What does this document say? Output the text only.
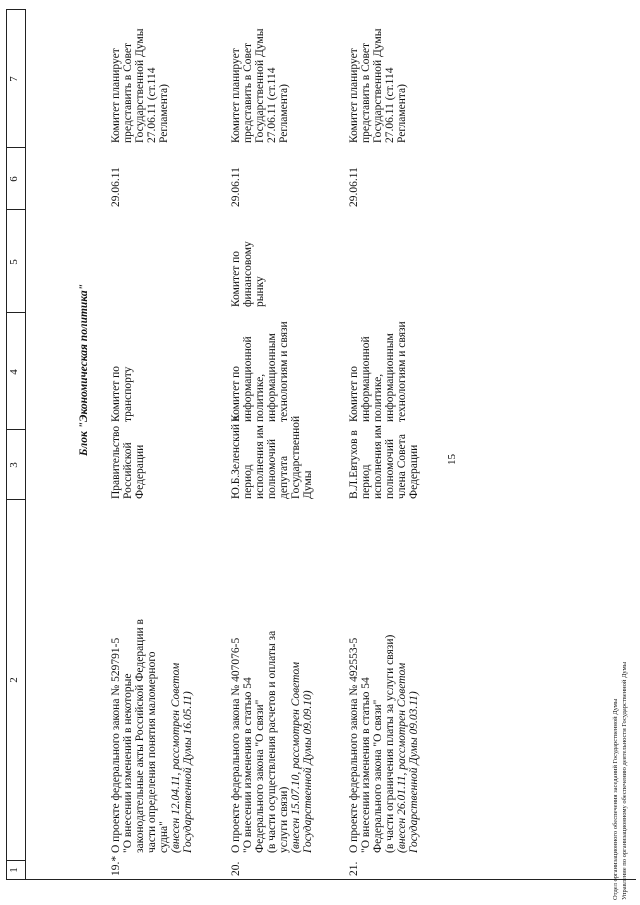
15
1
2
3
4
5
6
7
Блок "Экономическая политика"
19.*
О проекте федерального закона № 529791-5
"О внесении изменений в некоторые
законодательные акты Российской Федерации в
части определения понятия маломерного
судна" (внесен 12.04.11, рассмотрен Советом
Государственной Думы 16.05.11)
Правительство Российской Федерации
Комитет по транспорту
29.06.11
Комитет планирует представить в Совет Государственной Думы 27.06.11 (ст.114 Регламента)
20.
О проекте федерального закона № 407076-5
"О внесении изменения в статью 54
Федерального закона "О связи"
(в части осуществления расчетов и оплаты за
услуги связи)
(внесен 15.07.10, рассмотрен Советом
Государственной Думы 09.09.10)
Ю.Б.Зеленский в период исполнения им полномочий депутата Государственной Думы
Комитет по информационной политике, информационным технологиям и связи
Комитет по финансовому рынку
29.06.11
Комитет планирует представить в Совет Государственной Думы 27.06.11 (ст.114 Регламента)
21.
О проекте федерального закона № 492553-5
"О внесении изменения в статью 54
Федерального закона "О связи"
(в части ограничения платы за услуги связи)
(внесен 26.01.11, рассмотрен Советом
Государственной Думы 09.03.11)
В.Л.Евтухов в период исполнения им полномочий члена Совета Федерации
Комитет по информационной политике, информационным технологиям и связи
29.06.11
Комитет планирует представить в Совет Государственной Думы 27.06.11 (ст.114 Регламента)
Отдел организационного обеспечения заседаний Государственной Думы Управление по организационному обеспечению деятельности Государственной Думы
